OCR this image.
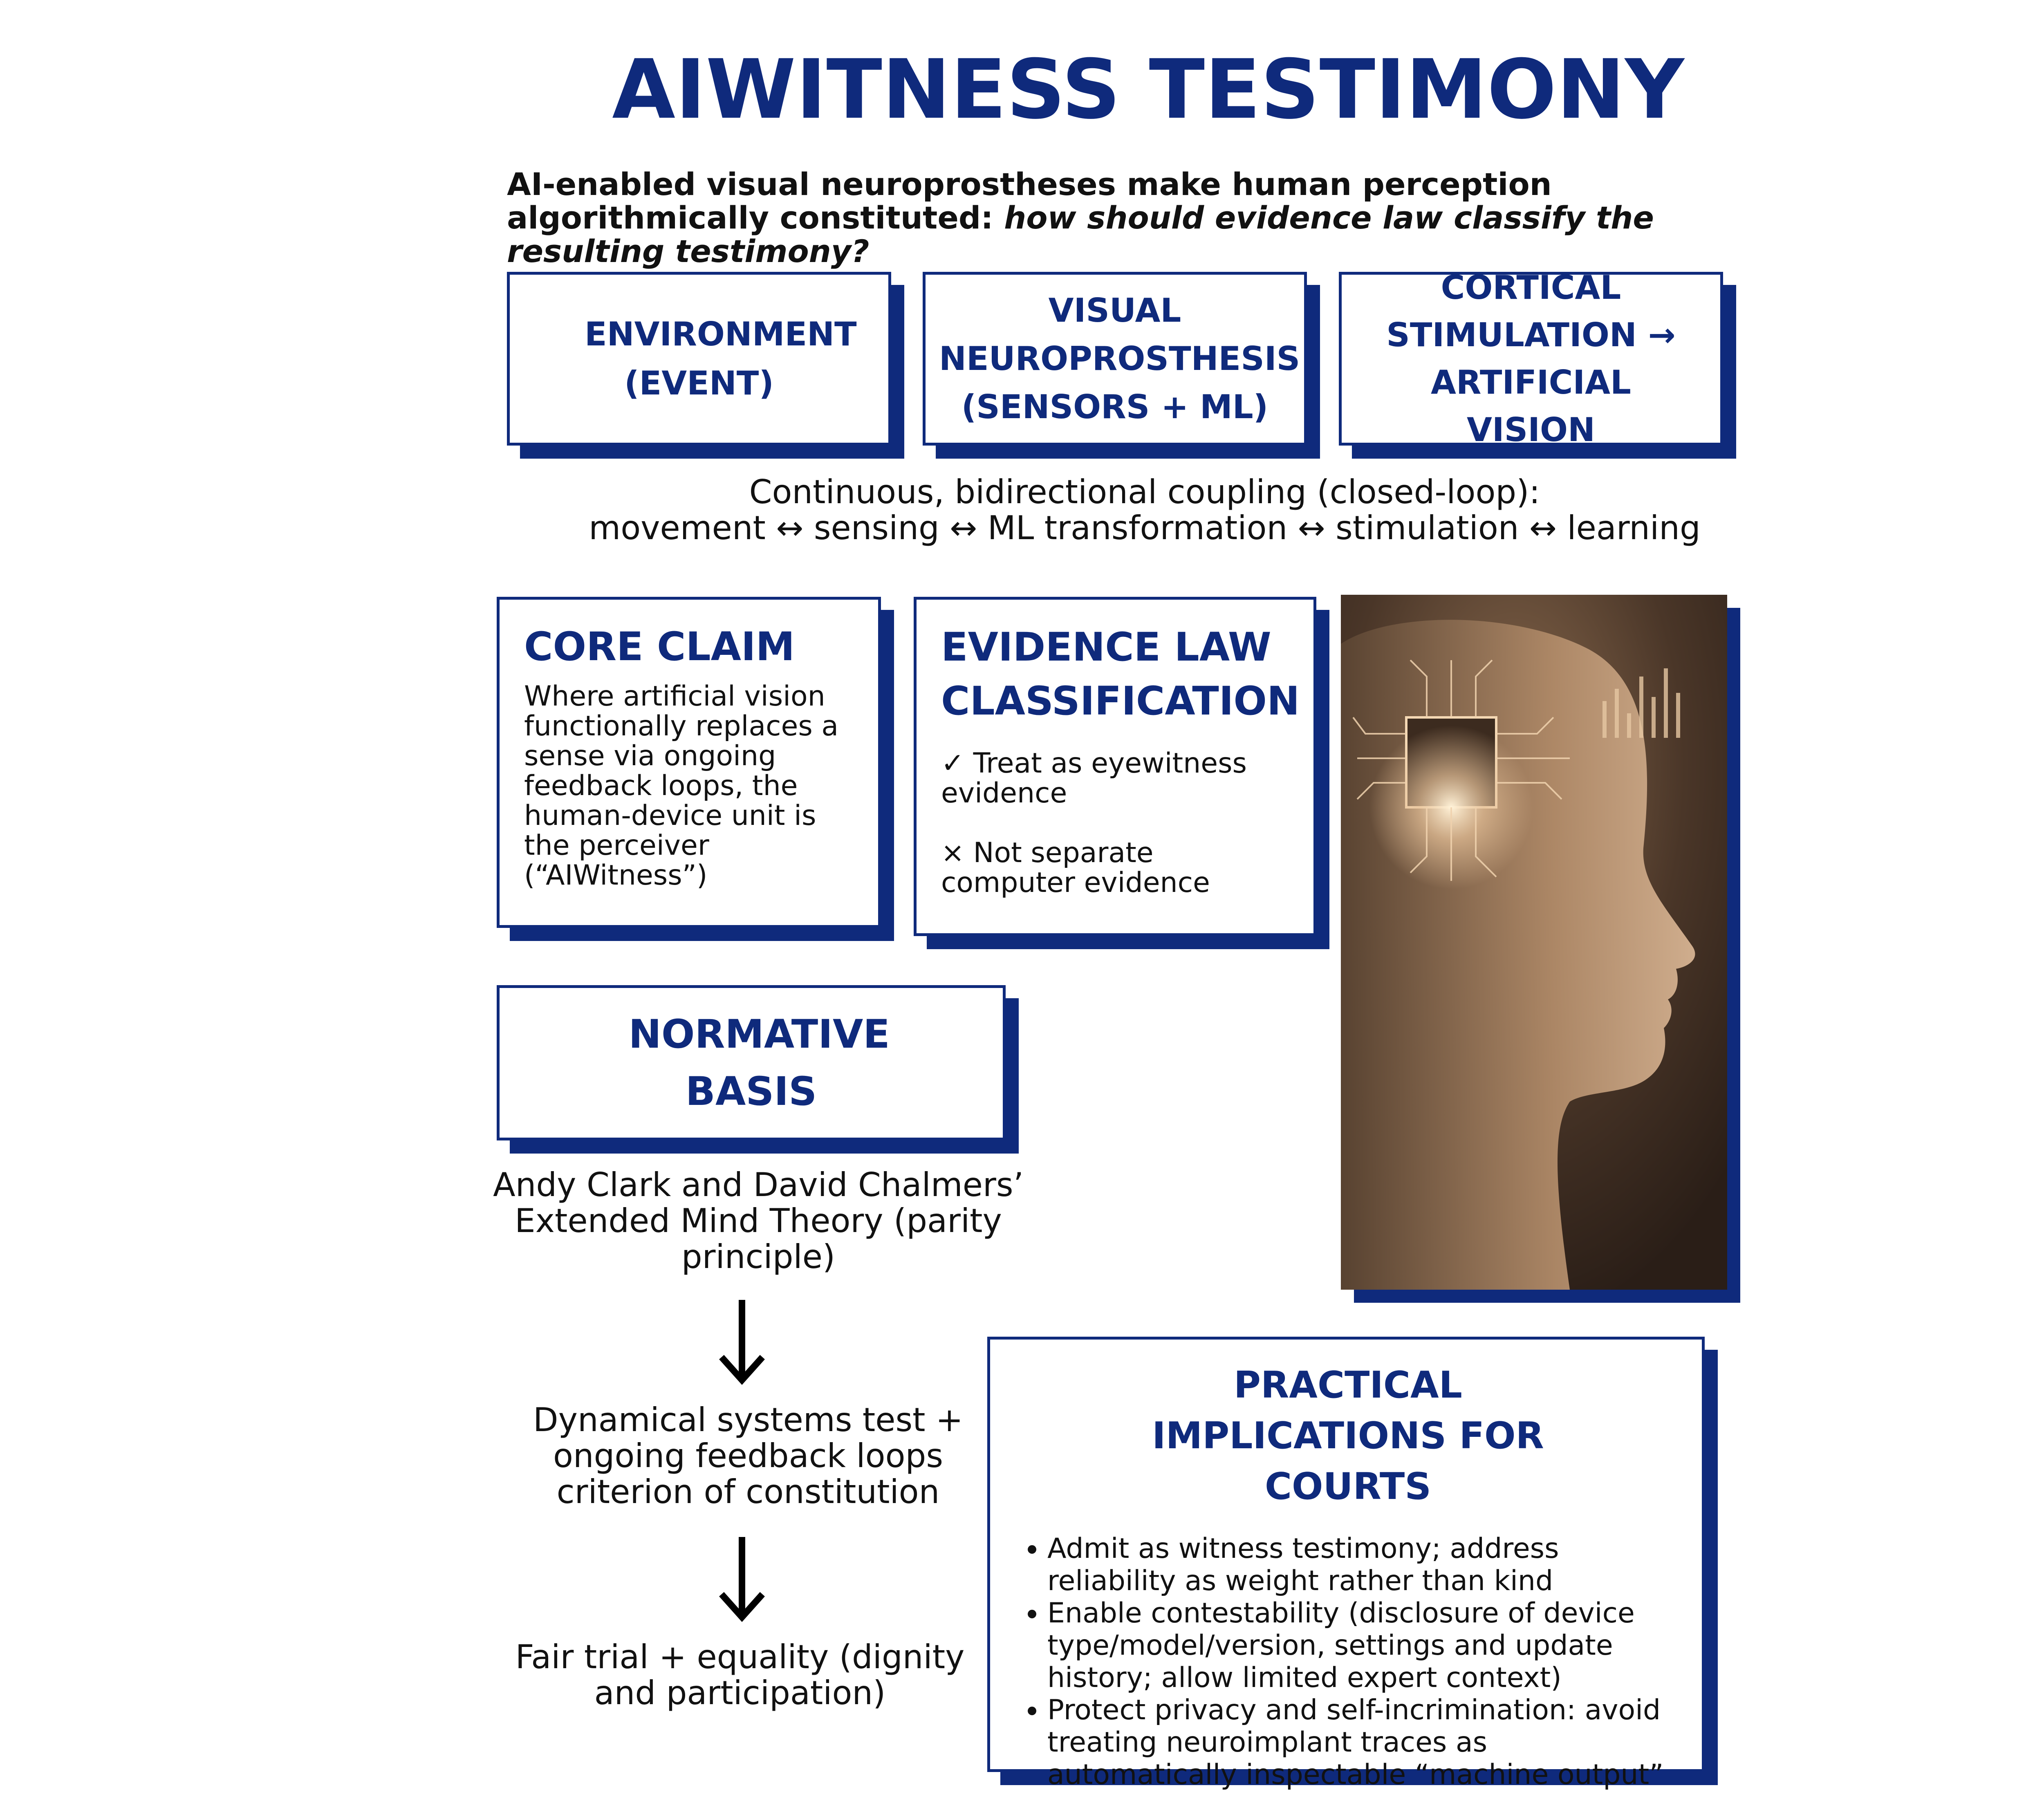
AIWITNESS TESTIMONY
AI-enabled visual neuroprostheses make human perception algorithmically constituted: how should evidence law classify the resulting testimony?
ENVIRONMENT (EVENT)
VISUAL NEUROPROSTHESIS (SENSORS + ML)
CORTICAL STIMULATION → ARTIFICIAL VISION
Continuous, bidirectional coupling (closed-loop):
movement ↔ sensing ↔ ML transformation ↔ stimulation ↔ learning
CORE CLAIM
Where artificial vision functionally replaces a sense via ongoing feedback loops, the human-device unit is the perceiver (“AIWitness”)
EVIDENCE LAW CLASSIFICATION
✓ Treat as eyewitness evidence
× Not separate computer evidence
NORMATIVE BASIS
Andy Clark and David Chalmers’ Extended Mind Theory (parity principle)
Dynamical systems test + ongoing feedback loops criterion of constitution
Fair trial + equality (dignity and participation)
PRACTICAL IMPLICATIONS FOR COURTS
• Admit as witness testimony; address reliability as weight rather than kind
• Enable contestability (disclosure of device type/model/version, settings and update history; allow limited expert context)
• Protect privacy and self-incrimination: avoid treating neuroimplant traces as automatically inspectable “machine output”
